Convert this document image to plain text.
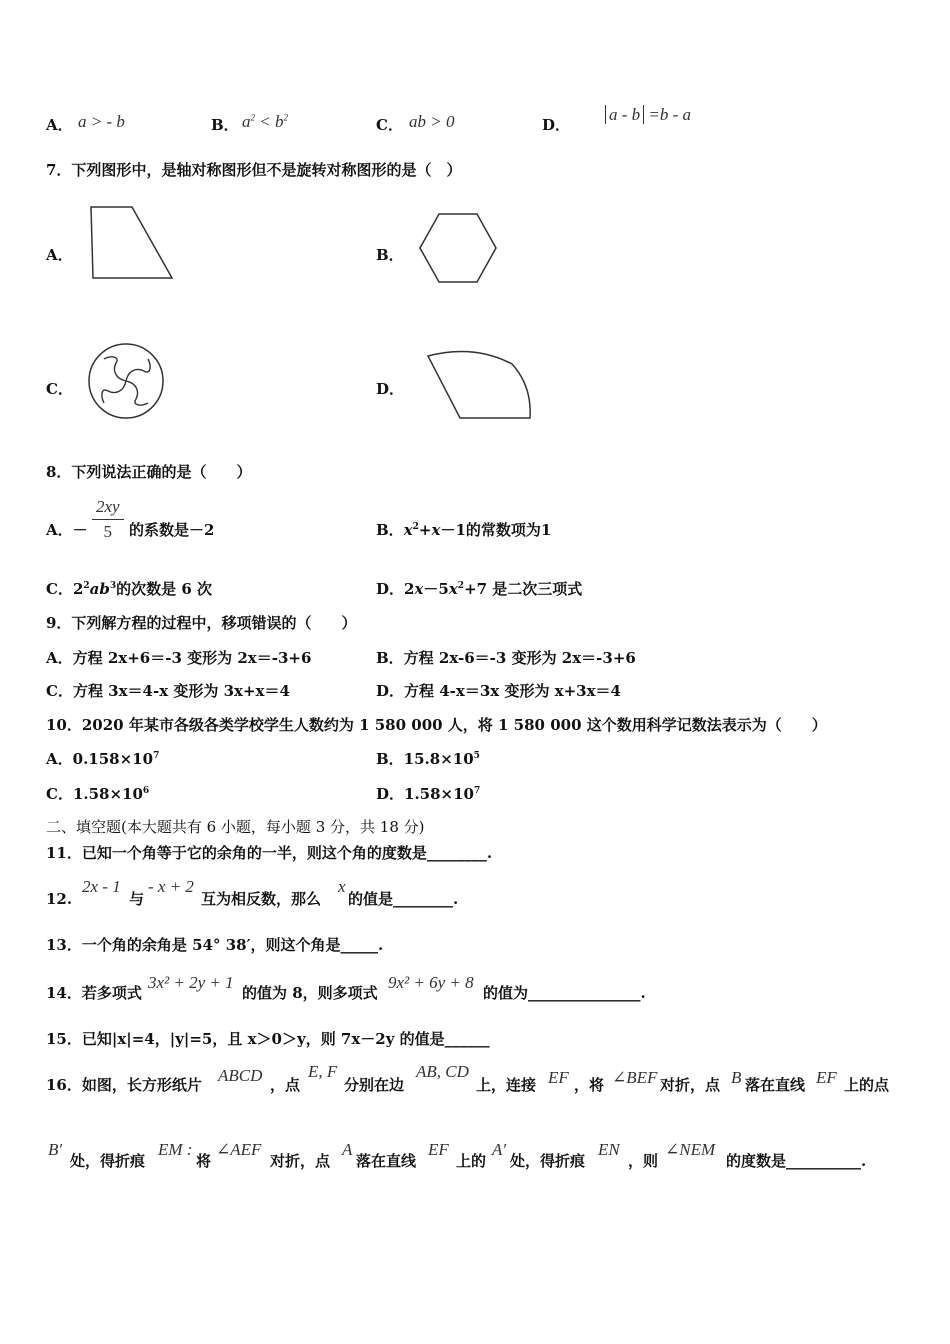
A． a > - b	B． $a^2 < b^2$	C． ab > 0	D．
a - b =b - a
7．下列图形中，是轴对称图形但不是旋转对称图形的是（　）
A．	B．
C．	D．
8．下列说法正确的是（　　）
A．－ $\frac{2xy}{5}$ 的系数是－2	B．$x^2+x-1$的常数项为1
C．$2^2ab^3$的次数是 6 次	D．$2x-5x^2+7$ 是二次三项式
9．下列解方程的过程中，移项错误的（　　）
A．方程 2x+6＝-3 变形为 2x＝-3+6	B．方程 2x-6＝-3 变形为 2x＝-3+6
C．方程 3x＝4-x 变形为 3x+x＝4	D．方程 4-x＝3x 变形为 x+3x＝4
10．2020 年某市各级各类学校学生人数约为 1 580 000 人，将 1 580 000 这个数用科学记数法表示为（　　）
A．$0.158\times 10^7$	B．$15.8\times 10^5$
C．$1.58\times 10^6$	D．$1.58\times 10^7$
二、填空题(本大题共有 6 小题，每小题 3 分，共 18 分)
11．已知一个角等于它的余角的一半，则这个角的度数是________.
12.
2x - 1
与
- x + 2
互为相反数，那么
x
的值是________.
13．一个角的余角是 54° 38′，则这个角是_____.
14．若多项式
3x² + 2y + 1
的值为 8，则多项式
9x² + 6y + 8
的值为_______________.
15．已知|x|=4，|y|=5，且 x＞0＞y，则 7x－2y 的值是______
16．如图，长方形纸片 ABCD ，点
E, F
分别在边
AB, CD
上，连接 EF ，将 ∠BEF 对折，点 B 落在直线 EF 上的点
B′
处，得折痕
EM :
将
∠AEF
对折，点
A
落在直线
EF
上的
A′
处，得折痕
EN
，则
∠NEM
的度数是__________.
